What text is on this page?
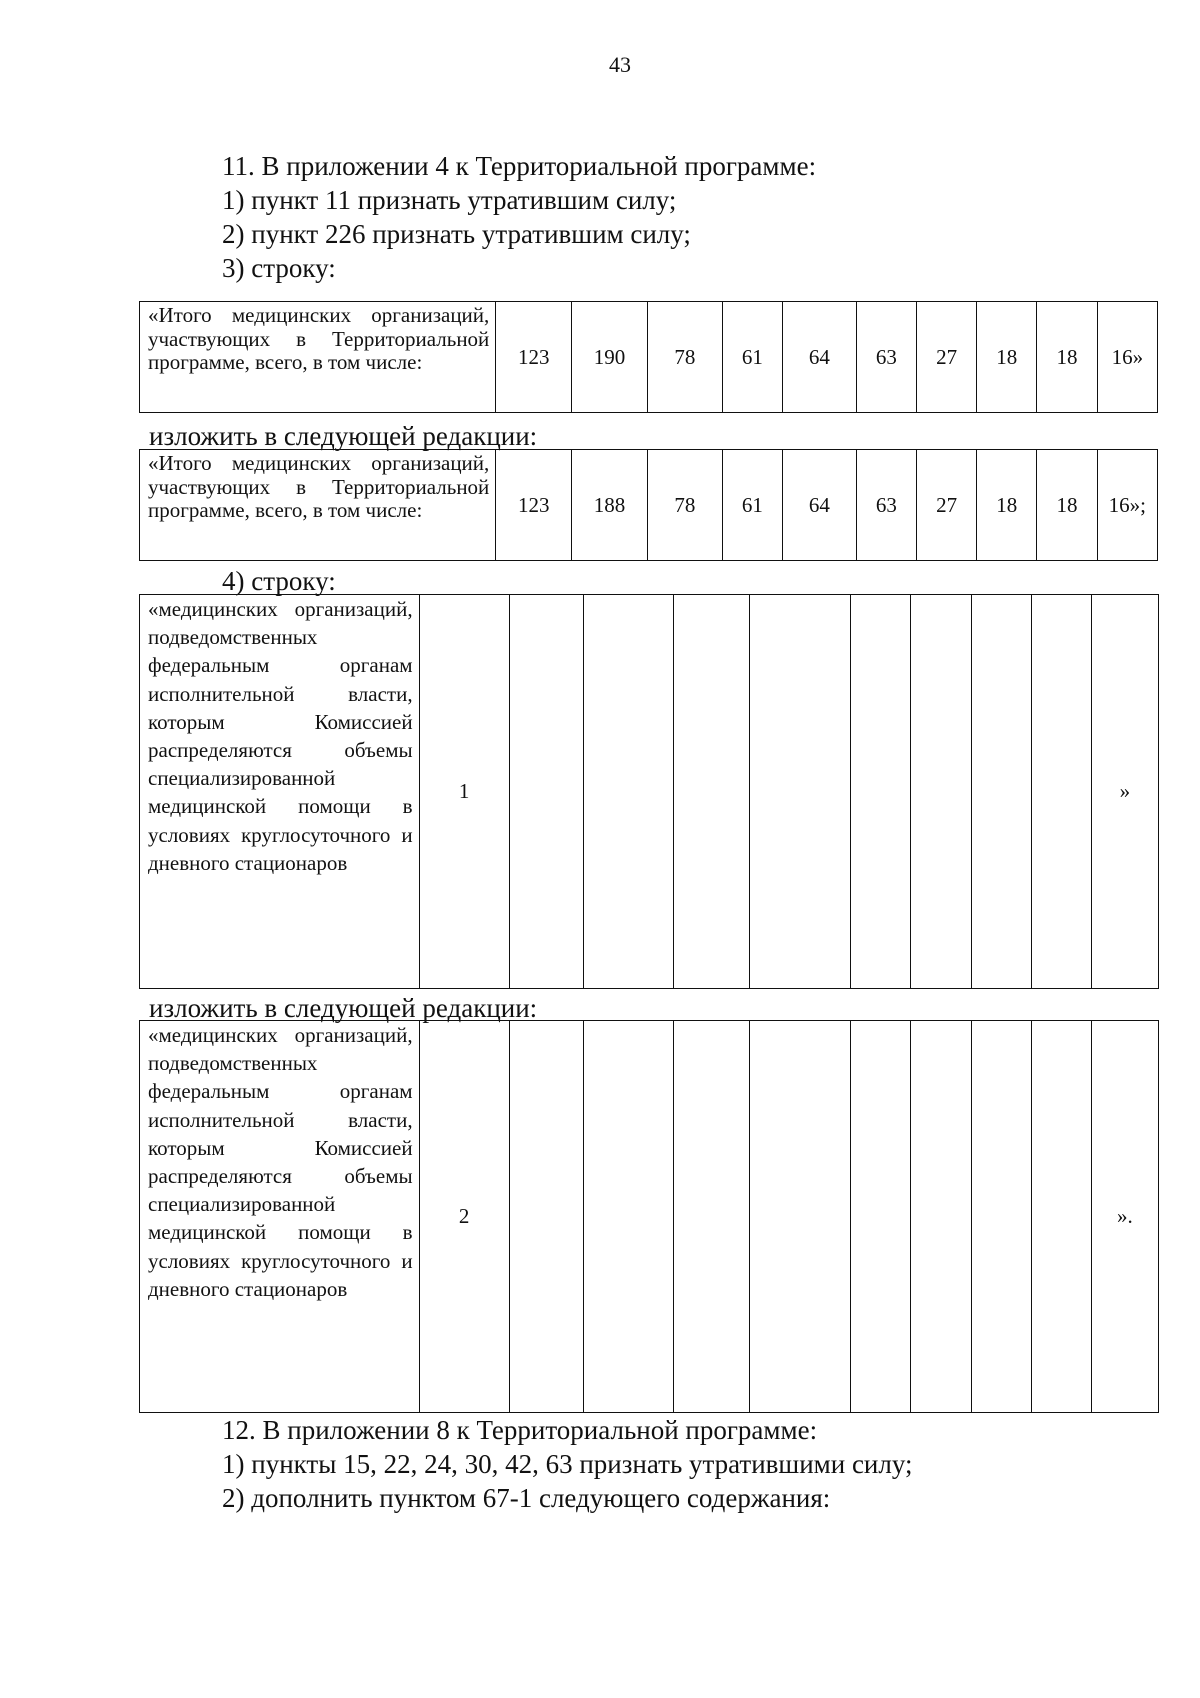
43
11. В приложении 4 к Территориальной программе:
1) пункт 11 признать утратившим силу;
2) пункт 226 признать утратившим силу;
3) строку:
«Итого медицинских организаций, участвующих в Территориальной программе, всего, в том числе:	123	190	78	61	64	63	27	18	18	16»
изложить в следующей редакции:
«Итого медицинских организаций, участвующих в Территориальной программе, всего, в том числе:	123	188	78	61	64	63	27	18	18	16»;
4) строку:
«медицинских организаций, подведомственных федеральным органам исполнительной власти, которым Комиссией распределяются объемы специализированной медицинской помощи в условиях круглосуточного и дневного стационаров	1									»
изложить в следующей редакции:
«медицинских организаций, подведомственных федеральным органам исполнительной власти, которым Комиссией распределяются объемы специализированной медицинской помощи в условиях круглосуточного и дневного стационаров	2									».
12. В приложении 8 к Территориальной программе:
1) пункты 15, 22, 24, 30, 42, 63 признать утратившими силу;
2) дополнить пунктом 67-1 следующего содержания:
